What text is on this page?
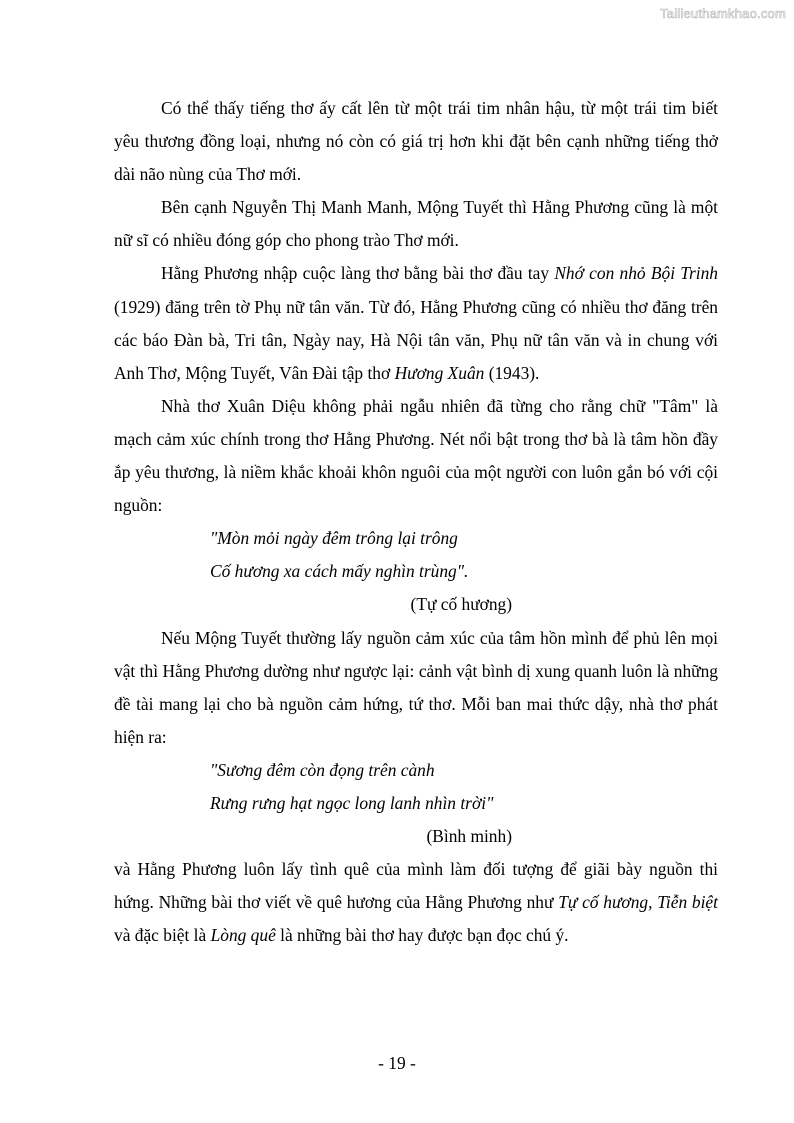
Tailieuthamkhao.com

Có thể thấy tiếng thơ ấy cất lên từ một trái tim nhân hậu, từ một trái tim biết yêu thương đồng loại, nhưng nó còn có giá trị hơn khi đặt bên cạnh những tiếng thở dài não nùng của Thơ mới.

Bên cạnh Nguyễn Thị Manh Manh, Mộng Tuyết thì Hằng Phương cũng là một nữ sĩ có nhiều đóng góp cho phong trào Thơ mới.

Hằng Phương nhập cuộc làng thơ bằng bài thơ đầu tay Nhớ con nhỏ Bội Trinh (1929) đăng trên tờ Phụ nữ tân văn. Từ đó, Hằng Phương cũng có nhiều thơ đăng trên các báo Đàn bà, Tri tân, Ngày nay, Hà Nội tân văn, Phụ nữ tân văn và in chung với Anh Thơ, Mộng Tuyết, Vân Đài tập thơ Hương Xuân (1943).

Nhà thơ Xuân Diệu không phải ngẫu nhiên đã từng cho rằng chữ "Tâm" là mạch cảm xúc chính trong thơ Hằng Phương. Nét nổi bật trong thơ bà là tâm hồn đầy ắp yêu thương, là niềm khắc khoải khôn nguôi của một người con luôn gắn bó với cội nguồn:

"Mòn mỏi ngày đêm trông lại trông
Cố hương xa cách mấy nghìn trùng".

(Tự cố hương)

Nếu Mộng Tuyết thường lấy nguồn cảm xúc của tâm hồn mình để phủ lên mọi vật thì Hằng Phương dường như ngược lại: cảnh vật bình dị xung quanh luôn là những đề tài mang lại cho bà nguồn cảm hứng, tứ thơ. Mỗi ban mai thức dậy, nhà thơ phát hiện ra:

"Sương đêm còn đọng trên cành
Rưng rưng hạt ngọc long lanh nhìn trời"

(Bình minh)

và Hằng Phương luôn lấy tình quê của mình làm đối tượng để giãi bày nguồn thi hứng. Những bài thơ viết về quê hương của Hằng Phương như Tự cố hương, Tiễn biệt và đặc biệt là Lòng quê là những bài thơ hay được bạn đọc chú ý.

- 19 -
